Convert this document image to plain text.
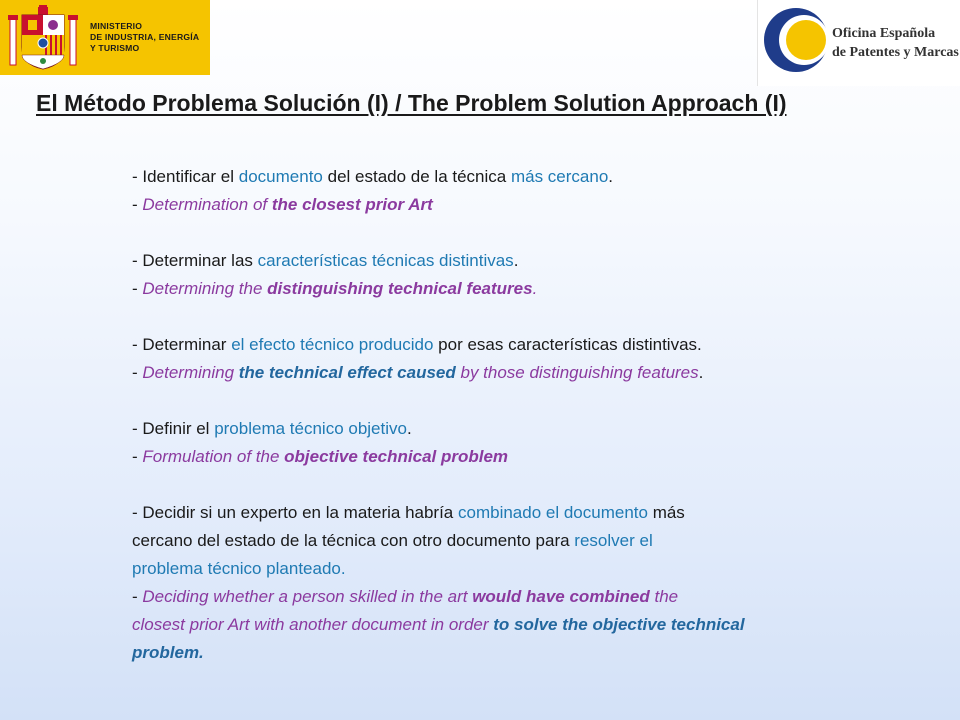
MINISTERIO
DE INDUSTRIA, ENERGÍA
Y TURISMO
Oficina Española
de Patentes y Marcas
El Método Problema Solución (I) / The Problem Solution Approach (I)
- Identificar el documento del estado de la técnica más cercano.
- Determination of the closest prior Art
- Determinar las características técnicas distintivas.
- Determining the distinguishing technical features.
- Determinar el efecto técnico producido por esas características distintivas.
- Determining the technical effect caused by those distinguishing features.
- Definir el problema técnico objetivo.
- Formulation of the objective technical problem
- Decidir si un experto en la materia habría combinado el documento más
cercano del estado de la técnica con otro documento para resolver el
problema técnico planteado.
- Deciding whether a person skilled in the art would have combined the
closest prior Art with another document in order to solve the objective technical
problem.
